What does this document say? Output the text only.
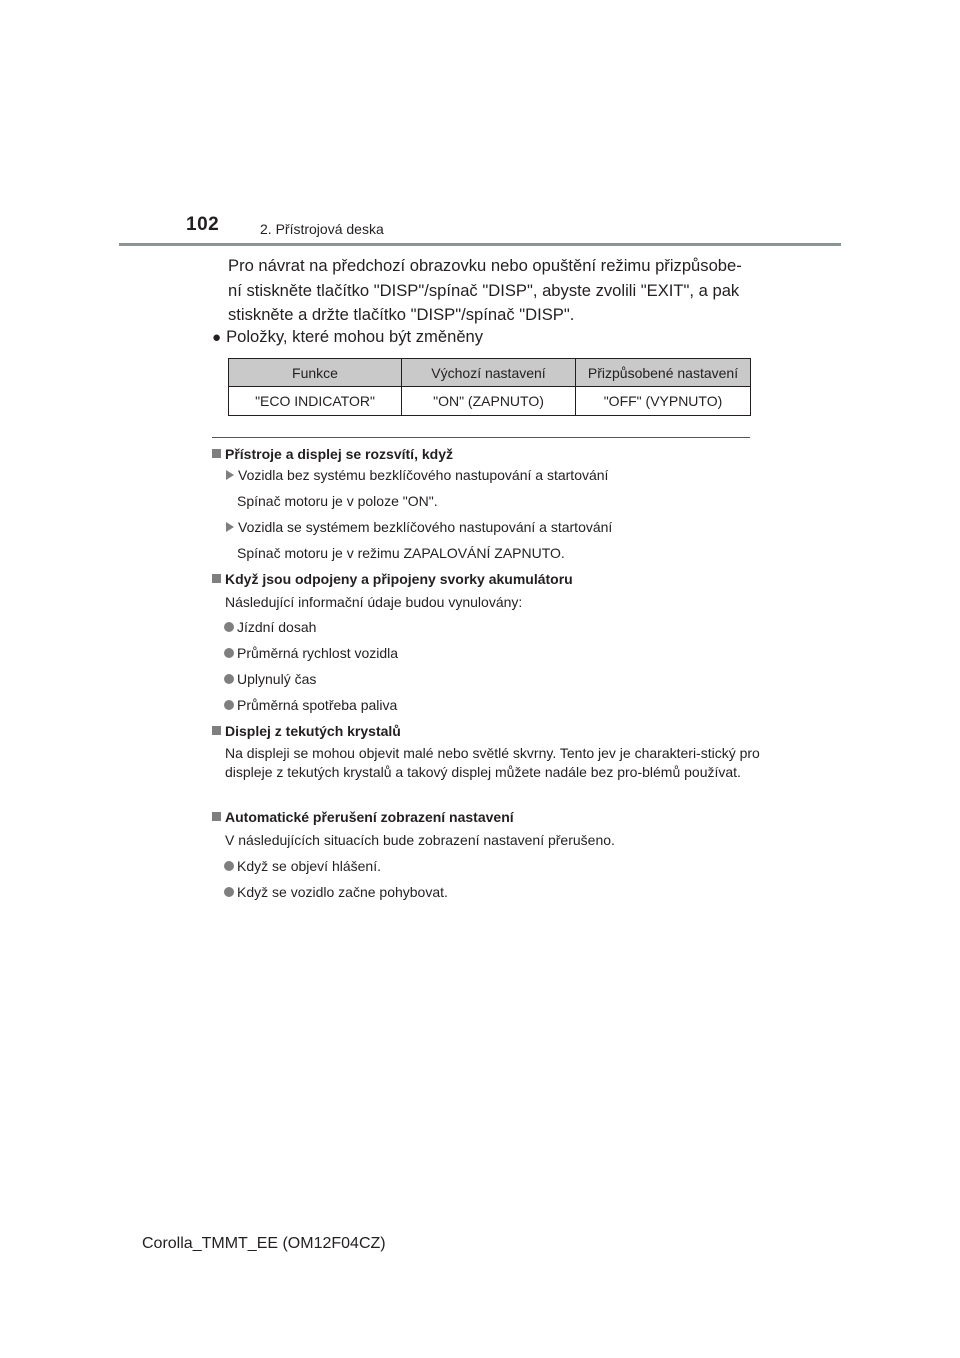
102	2. Přístrojová deska

Pro návrat na předchozí obrazovku nebo opuštění režimu přizpůsobe-ní stiskněte tlačítko "DISP"/spínač "DISP", abyste zvolili "EXIT", a pak stiskněte a držte tlačítko "DISP"/spínač "DISP".

● Položky, které mohou být změněny

Funkce	Výchozí nastavení	Přizpůsobené nastavení
"ECO INDICATOR"	"ON" (ZAPNUTO)	"OFF" (VYPNUTO)

Přístroje a displej se rozsvítí, když

Vozidla bez systému bezklíčového nastupování a startování

Spínač motoru je v poloze "ON".

Vozidla se systémem bezklíčového nastupování a startování

Spínač motoru je v režimu ZAPALOVÁNÍ ZAPNUTO.

Když jsou odpojeny a připojeny svorky akumulátoru

Následující informační údaje budou vynulovány:

Jízdní dosah

Průměrná rychlost vozidla

Uplynulý čas

Průměrná spotřeba paliva

Displej z tekutých krystalů

Na displeji se mohou objevit malé nebo světlé skvrny. Tento jev je charakteri-stický pro displeje z tekutých krystalů a takový displej můžete nadále bez pro-blémů používat.

Automatické přerušení zobrazení nastavení

V následujících situacích bude zobrazení nastavení přerušeno.

Když se objeví hlášení.

Když se vozidlo začne pohybovat.

Corolla_TMMT_EE (OM12F04CZ)
